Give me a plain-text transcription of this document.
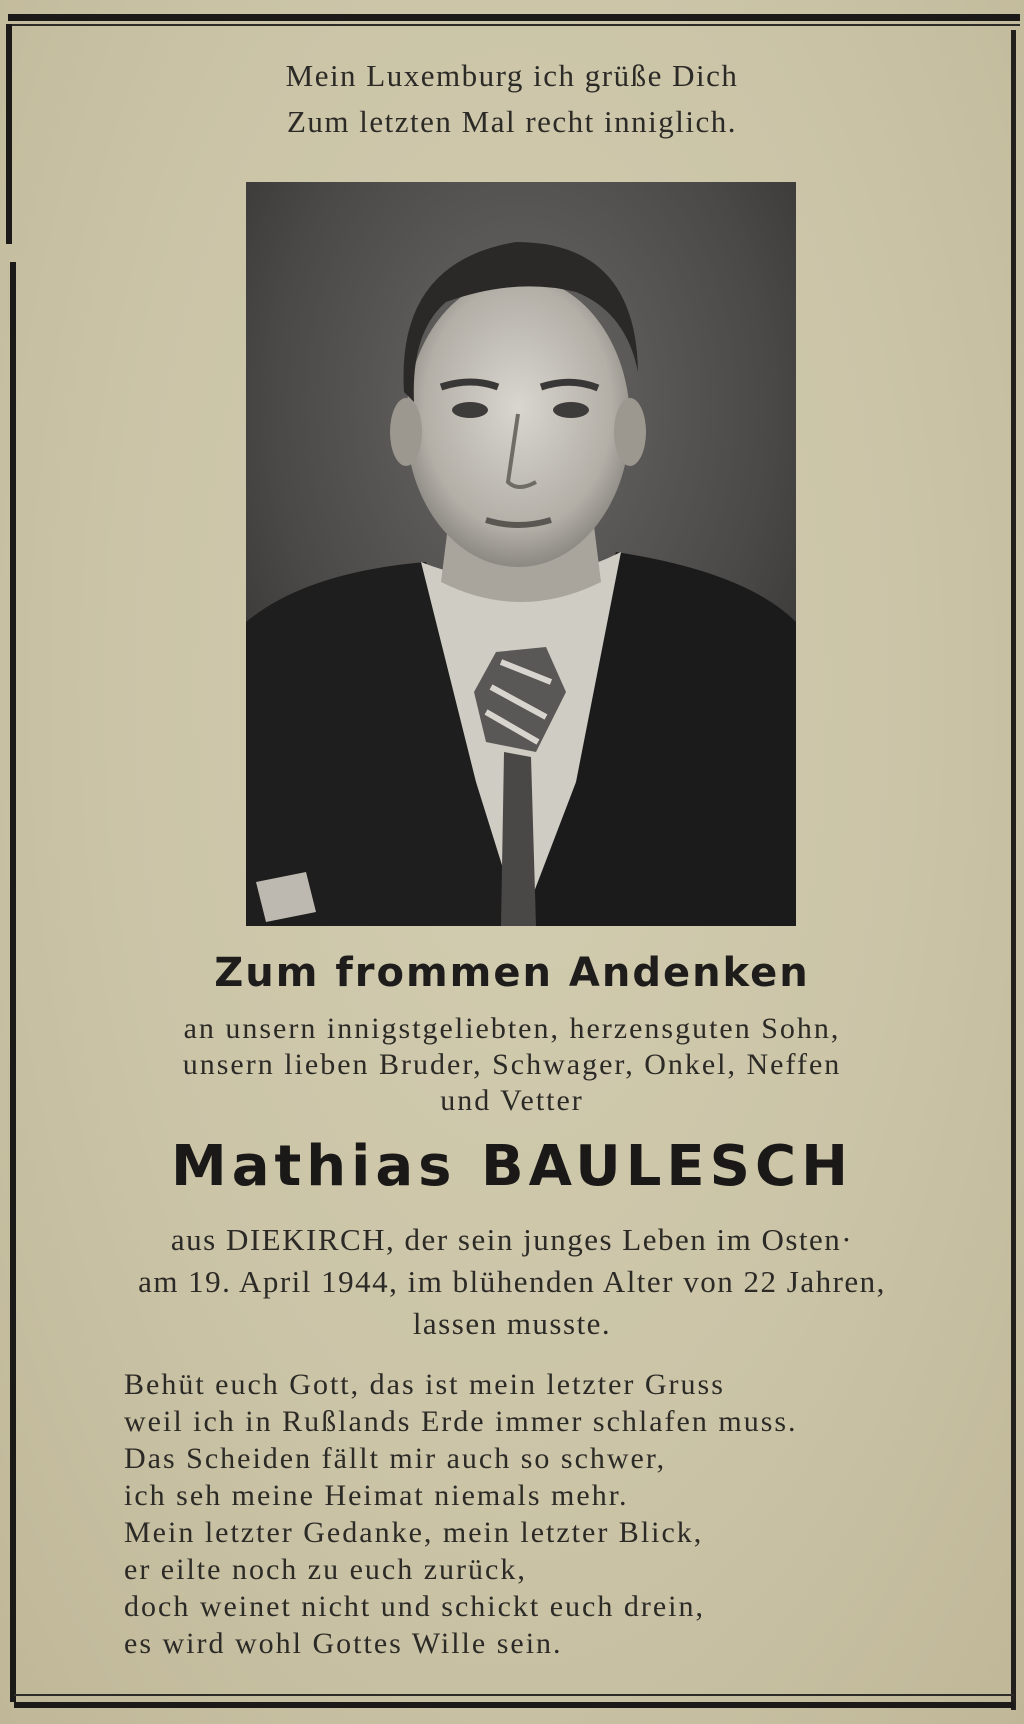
Mein Luxemburg ich grüße Dich
Zum letzten Mal recht inniglich.
Zum frommen Andenken
an unsern innigstgeliebten, herzensguten Sohn,
unsern lieben Bruder, Schwager, Onkel, Neffen
und Vetter
Mathias BAULESCH
aus DIEKIRCH, der sein junges Leben im Osten·
am 19. April 1944, im blühenden Alter von 22 Jahren,
lassen musste.
Behüt euch Gott, das ist mein letzter Gruss
weil ich in Rußlands Erde immer schlafen muss.
Das Scheiden fällt mir auch so schwer,
ich seh meine Heimat niemals mehr.
Mein letzter Gedanke, mein letzter Blick,
er eilte noch zu euch zurück,
doch weinet nicht und schickt euch drein,
es wird wohl Gottes Wille sein.
